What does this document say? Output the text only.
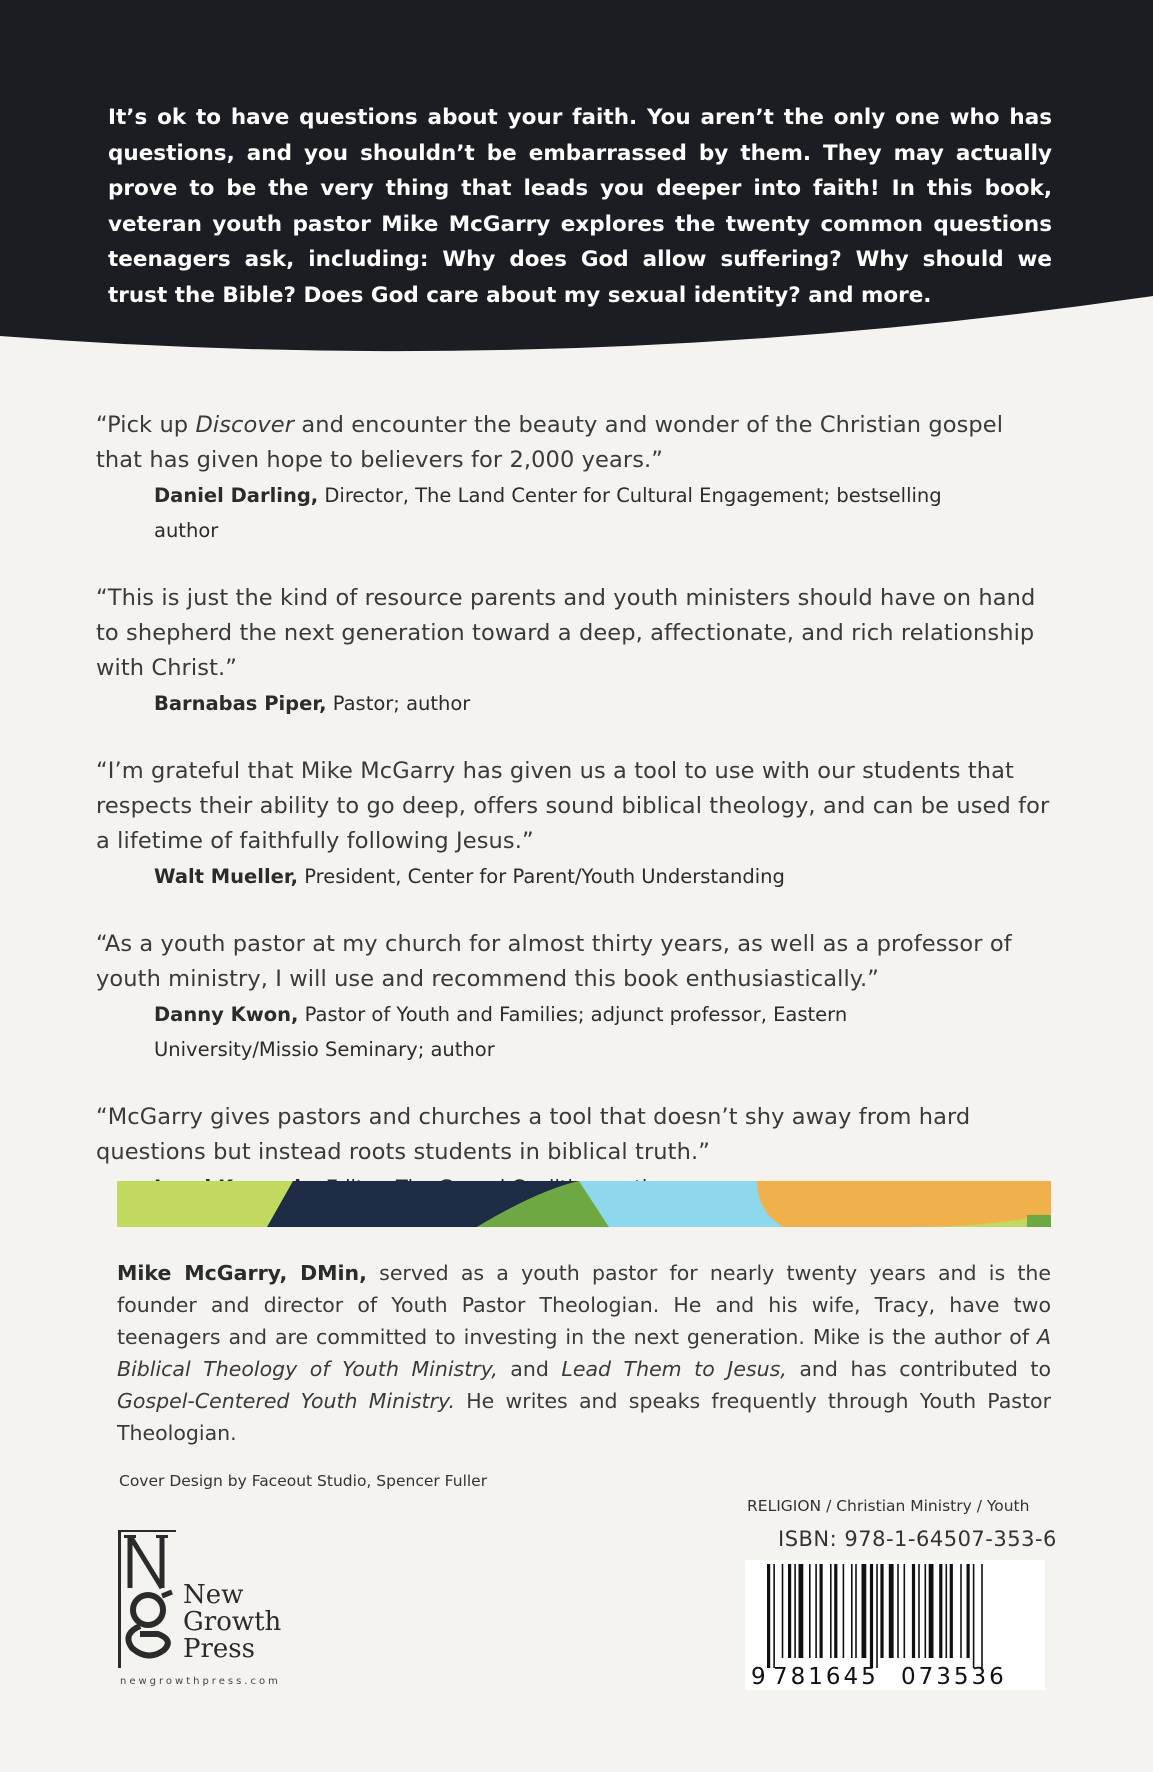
It’s ok to have questions about your faith. You aren’t the only one who has questions, and you shouldn’t be embarrassed by them. They may actually prove to be the very thing that leads you deeper into faith! In this book, veteran youth pastor Mike McGarry explores the twenty common questions teenagers ask, including: Why does God allow suffering? Why should we trust the Bible? Does God care about my sexual identity? and more.

“Pick up Discover and encounter the beauty and wonder of the Christian gospel that has given hope to believers for 2,000 years.”

Daniel Darling, Director, The Land Center for Cultural Engagement; bestselling author

“This is just the kind of resource parents and youth ministers should have on hand to shepherd the next generation toward a deep, affectionate, and rich relationship with Christ.”

Barnabas Piper, Pastor; author

“I’m grateful that Mike McGarry has given us a tool to use with our students that respects their ability to go deep, offers sound biblical theology, and can be used for a lifetime of faithfully following Jesus.”

Walt Mueller, President, Center for Parent/Youth Understanding

“As a youth pastor at my church for almost thirty years, as well as a professor of youth ministry, I will use and recommend this book enthusiastically.”

Danny Kwon, Pastor of Youth and Families; adjunct professor, Eastern University/Missio Seminary; author

“McGarry gives pastors and churches a tool that doesn’t shy away from hard questions but instead roots students in biblical truth.”

Mike McGarry, DMin, served as a youth pastor for nearly twenty years and is the founder and director of Youth Pastor Theologian. He and his wife, Tracy, have two teenagers and are committed to investing in the next generation. Mike is the author of A Biblical Theology of Youth Ministry, and Lead Them to Jesus, and has contributed to Gospel-Centered Youth Ministry. He writes and speaks frequently through Youth Pastor Theologian.

Cover Design by Faceout Studio, Spencer Fuller
New
Growth
Press
newgrowthpress.com
RELIGION / Christian Ministry / Youth
ISBN: 978-1-64507-353-6
9 781645 073536
